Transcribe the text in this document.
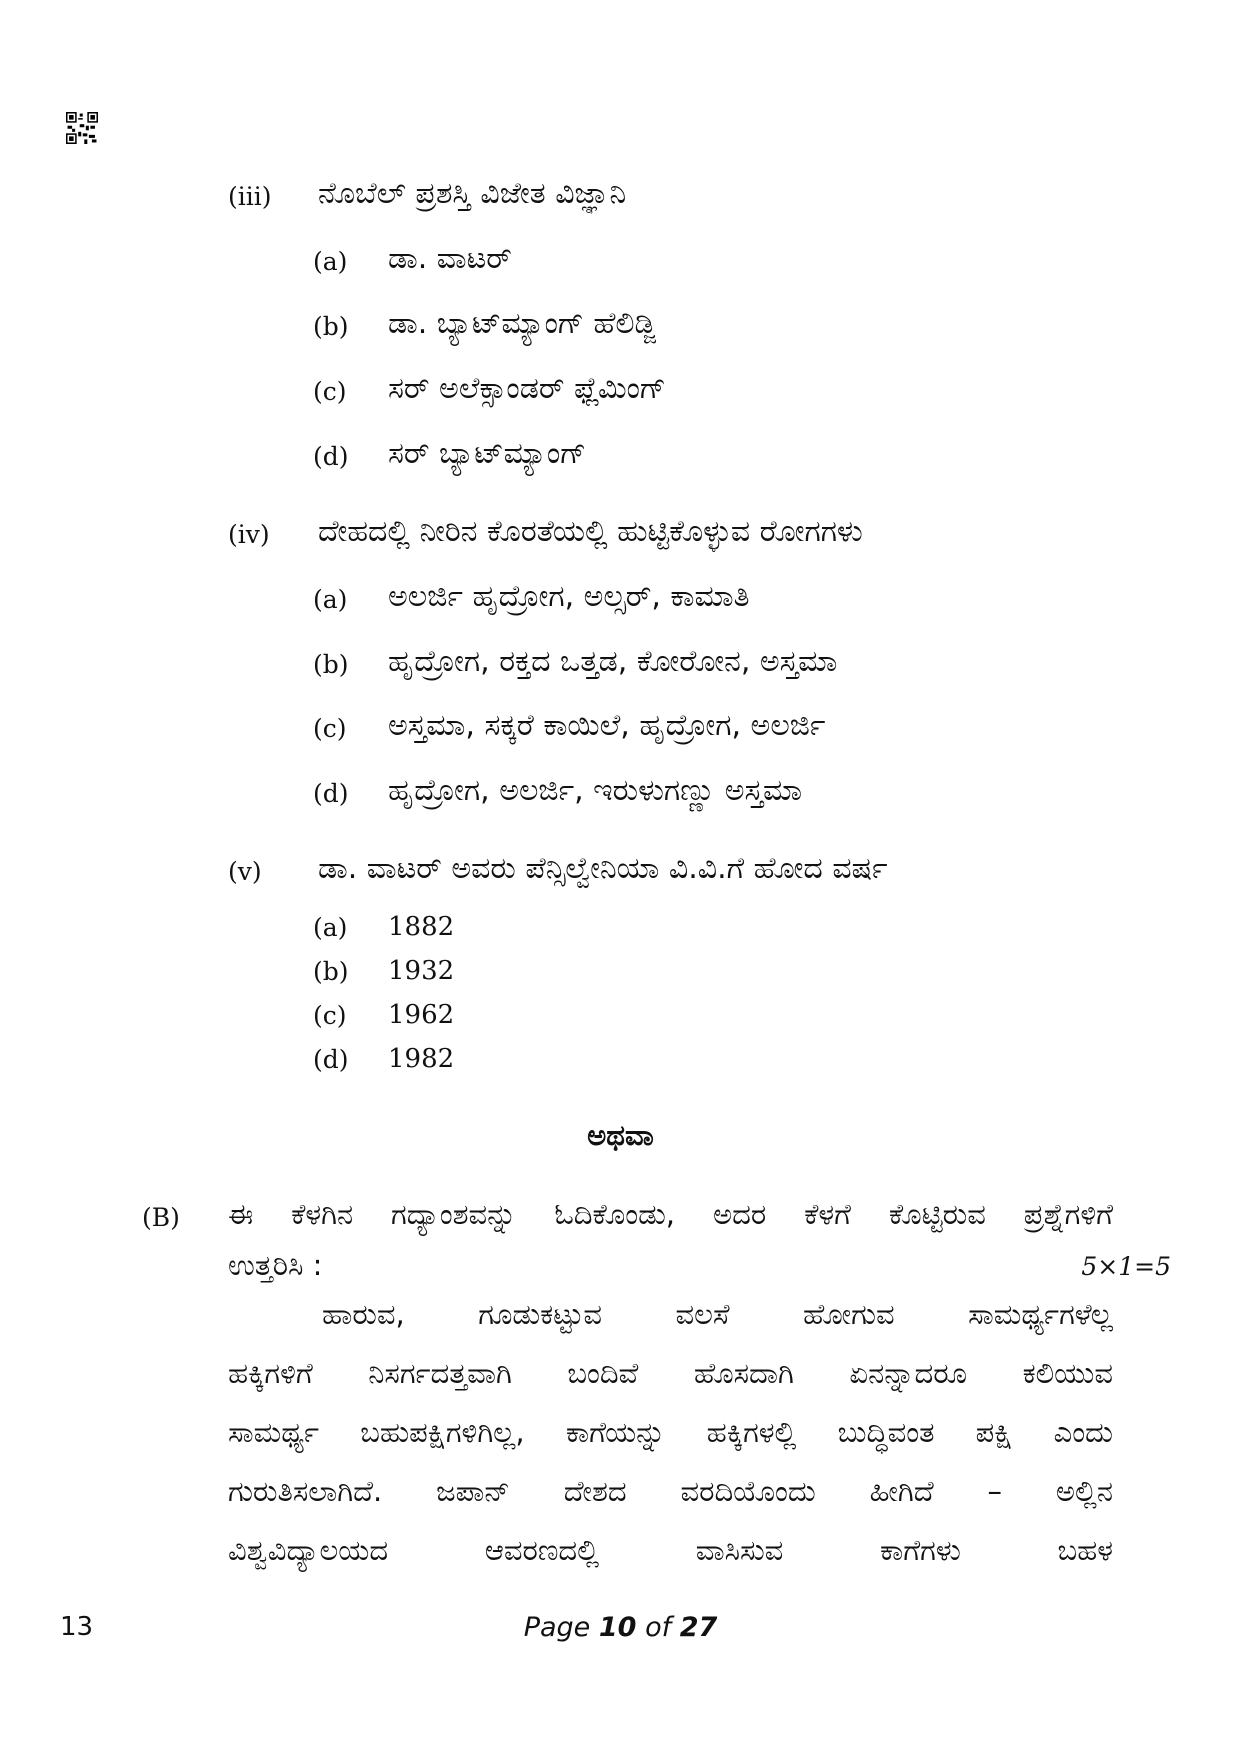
(iii) ನೊಬೆಲ್ ಪ್ರಶಸ್ತಿ ವಿಜೇತ ವಿಜ್ಞಾನಿ
(a) ಡಾ. ವಾಟರ್
(b) ಡಾ. ಬ್ಯಾಟ್‌ಮ್ಯಾಂಗ್ ಹೆಲಿಡ್ಜಿ
(c) ಸರ್ ಅಲೆಕ್ಸಾಂಡರ್ ಫ್ಲೆಮಿಂಗ್
(d) ಸರ್ ಬ್ಯಾಟ್‌ಮ್ಯಾಂಗ್
(iv) ದೇಹದಲ್ಲಿ ನೀರಿನ ಕೊರತೆಯಲ್ಲಿ ಹುಟ್ಟಿಕೊಳ್ಳುವ ರೋಗಗಳು
(a) ಅಲರ್ಜಿ ಹೃದ್ರೋಗ, ಅಲ್ಸರ್, ಕಾಮಾತಿ
(b) ಹೃದ್ರೋಗ, ರಕ್ತದ ಒತ್ತಡ, ಕೋರೋನ, ಅಸ್ತಮಾ
(c) ಅಸ್ತಮಾ, ಸಕ್ಕರೆ ಕಾಯಿಲೆ, ಹೃದ್ರೋಗ, ಅಲರ್ಜಿ
(d) ಹೃದ್ರೋಗ, ಅಲರ್ಜಿ, ಇರುಳುಗಣ್ಣು ಅಸ್ತಮಾ
(v) ಡಾ. ವಾಟರ್ ಅವರು ಪೆನ್ಸಿಲ್ವೇನಿಯಾ ವಿ.ವಿ.ಗೆ ಹೋದ ವರ್ಷ
(a) 1882
(b) 1932
(c) 1962
(d) 1982
ಅಥವಾ
(B) ಈ ಕೆಳಗಿನ ಗದ್ಯಾಂಶವನ್ನು ಓದಿಕೊಂಡು, ಅದರ ಕೆಳಗೆ ಕೊಟ್ಟಿರುವ ಪ್ರಶ್ನೆಗಳಿಗೆ
ಉತ್ತರಿಸಿ :	5×1=5
ಹಾರುವ, ಗೂಡುಕಟ್ಟುವ ವಲಸೆ ಹೋಗುವ ಸಾಮರ್ಥ್ಯಗಳೆಲ್ಲ
ಹಕ್ಕಿಗಳಿಗೆ ನಿಸರ್ಗದತ್ತವಾಗಿ ಬಂದಿವೆ ಹೊಸದಾಗಿ ಏನನ್ನಾದರೂ ಕಲಿಯುವ
ಸಾಮರ್ಥ್ಯ ಬಹುಪಕ್ಷಿಗಳಿಗಿಲ್ಲ, ಕಾಗೆಯನ್ನು ಹಕ್ಕಿಗಳಲ್ಲಿ ಬುದ್ಧಿವಂತ ಪಕ್ಷಿ ಎಂದು
ಗುರುತಿಸಲಾಗಿದೆ. ಜಪಾನ್ ದೇಶದ ವರದಿಯೊಂದು ಹೀಗಿದೆ – ಅಲ್ಲಿನ
ವಿಶ್ವವಿದ್ಯಾಲಯದ ಆವರಣದಲ್ಲಿ ವಾಸಿಸುವ ಕಾಗೆಗಳು ಬಹಳ
13	Page 10 of 27
